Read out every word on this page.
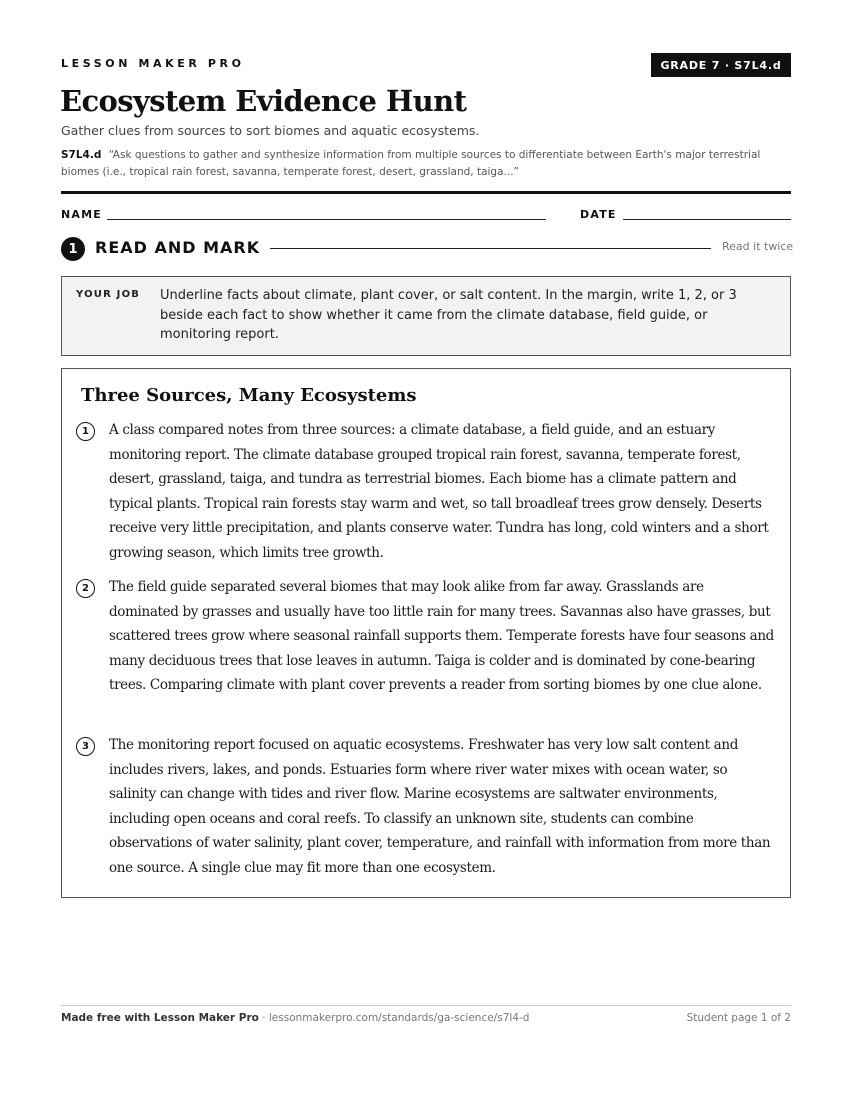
LESSON MAKER PRO	GRADE 7 · S7L4.d
Ecosystem Evidence Hunt
Gather clues from sources to sort biomes and aquatic ecosystems.
S7L4.d “Ask questions to gather and synthesize information from multiple sources to differentiate between Earth's major terrestrial biomes (i.e., tropical rain forest, savanna, temperate forest, desert, grassland, taiga...”
NAME	DATE
1	READ AND MARK	Read it twice
YOUR JOB Underline facts about climate, plant cover, or salt content. In the margin, write 1, 2, or 3 beside each fact to show whether it came from the climate database, field guide, or monitoring report.
Three Sources, Many Ecosystems
1	A class compared notes from three sources: a climate database, a field guide, and an estuary monitoring report. The climate database grouped tropical rain forest, savanna, temperate forest, desert, grassland, taiga, and tundra as terrestrial biomes. Each biome has a climate pattern and typical plants. Tropical rain forests stay warm and wet, so tall broadleaf trees grow densely. Deserts receive very little precipitation, and plants conserve water. Tundra has long, cold winters and a short growing season, which limits tree growth.
2	The field guide separated several biomes that may look alike from far away. Grasslands are dominated by grasses and usually have too little rain for many trees. Savannas also have grasses, but scattered trees grow where seasonal rainfall supports them. Temperate forests have four seasons and many deciduous trees that lose leaves in autumn. Taiga is colder and is dominated by cone-bearing trees. Comparing climate with plant cover prevents a reader from sorting biomes by one clue alone.
3	The monitoring report focused on aquatic ecosystems. Freshwater has very low salt content and includes rivers, lakes, and ponds. Estuaries form where river water mixes with ocean water, so salinity can change with tides and river flow. Marine ecosystems are saltwater environments, including open oceans and coral reefs. To classify an unknown site, students can combine observations of water salinity, plant cover, temperature, and rainfall with information from more than one source. A single clue may fit more than one ecosystem.
Made free with Lesson Maker Pro · lessonmakerpro.com/standards/ga-science/s7l4-d	Student page 1 of 2
